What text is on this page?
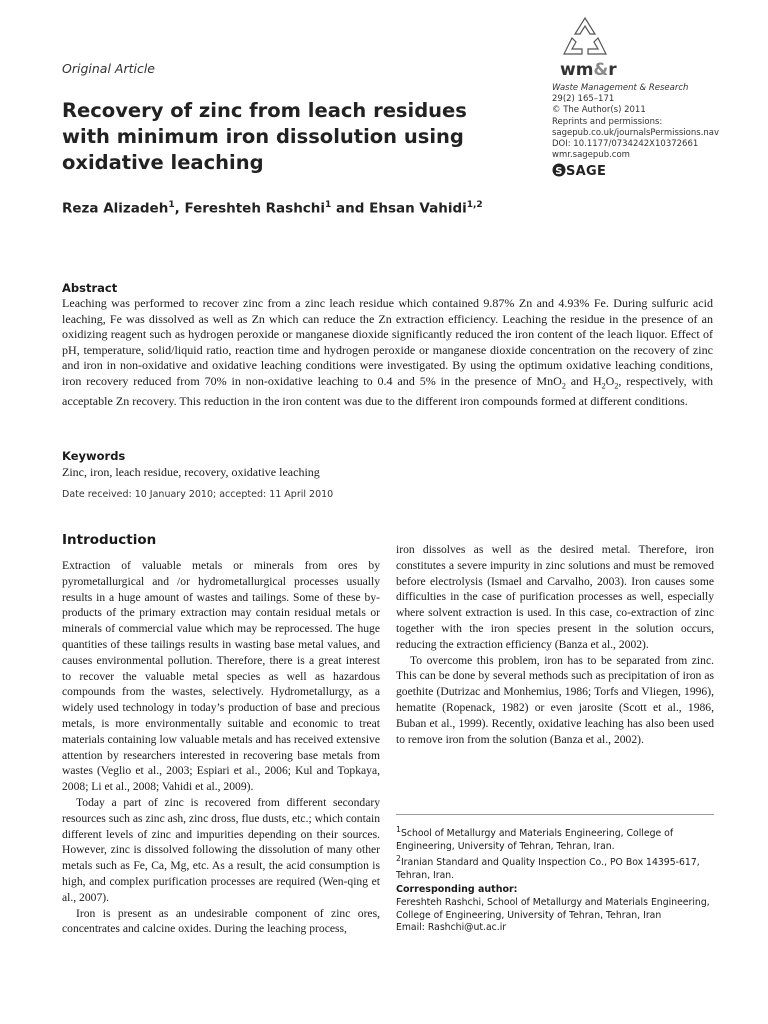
Original Article
Recovery of zinc from leach residues with minimum iron dissolution using oxidative leaching
Reza Alizadeh$^1$, Fereshteh Rashchi$^1$ and Ehsan Vahidi$^{1,2}$
wm&r
Waste Management & Research
29(2) 165–171
© The Author(s) 2011
Reprints and permissions:
sagepub.co.uk/journalsPermissions.nav
DOI: 10.1177/0734242X10372661
wmr.sagepub.com
S SAGE
Abstract
Leaching was performed to recover zinc from a zinc leach residue which contained 9.87% Zn and 4.93% Fe. During sulfuric acid leaching, Fe was dissolved as well as Zn which can reduce the Zn extraction efficiency. Leaching the residue in the presence of an oxidizing reagent such as hydrogen peroxide or manganese dioxide significantly reduced the iron content of the leach liquor. Effect of pH, temperature, solid/liquid ratio, reaction time and hydrogen peroxide or manganese dioxide concentration on the recovery of zinc and iron in non-oxidative and oxidative leaching conditions were investigated. By using the optimum oxidative leaching conditions, iron recovery reduced from 70% in non-oxidative leaching to 0.4 and 5% in the presence of MnO$_2$ and $H_2O_2$, respectively, with acceptable Zn recovery. This reduction in the iron content was due to the different iron compounds formed at different conditions.
Keywords
Zinc, iron, leach residue, recovery, oxidative leaching
Date received: 10 January 2010; accepted: 11 April 2010
Introduction

Extraction of valuable metals or minerals from ores by pyrometallurgical and /or hydrometallurgical processes usually results in a huge amount of wastes and tailings. Some of these by-products of the primary extraction may contain residual metals or minerals of commercial value which may be reprocessed. The huge quantities of these tailings results in wasting base metal values, and causes environmental pollution. Therefore, there is a great interest to recover the valuable metal species as well as hazardous compounds from the wastes, selectively. Hydrometallurgy, as a widely used technology in today’s production of base and precious metals, is more environmentally suitable and economic to treat materials containing low valuable metals and has received extensive attention by researchers interested in recovering base metals from wastes (Veglio et al., 2003; Espiari et al., 2006; Kul and Topkaya, 2008; Li et al., 2008; Vahidi et al., 2009).

Today a part of zinc is recovered from different secondary resources such as zinc ash, zinc dross, flue dusts, etc.; which contain different levels of zinc and impurities depending on their sources. However, zinc is dissolved following the dissolution of many other metals such as Fe, Ca, Mg, etc. As a result, the acid consumption is high, and complex purification processes are required (Wen-qing et al., 2007).

Iron is present as an undesirable component of zinc ores, concentrates and calcine oxides. During the leaching process,

iron dissolves as well as the desired metal. Therefore, iron constitutes a severe impurity in zinc solutions and must be removed before electrolysis (Ismael and Carvalho, 2003). Iron causes some difficulties in the case of purification processes as well, especially where solvent extraction is used. In this case, co-extraction of zinc together with the iron species present in the solution occurs, reducing the extraction efficiency (Banza et al., 2002).

To overcome this problem, iron has to be separated from zinc. This can be done by several methods such as precipitation of iron as goethite (Dutrizac and Monhemius, 1986; Torfs and Vliegen, 1996), hematite (Ropenack, 1982) or even jarosite (Scott et al., 1986, Buban et al., 1999). Recently, oxidative leaching has also been used to remove iron from the solution (Banza et al., 2002).

$^1$School of Metallurgy and Materials Engineering, College of Engineering, University of Tehran, Tehran, Iran.

$^2$Iranian Standard and Quality Inspection Co., PO Box 14395-617, Tehran, Iran.

Corresponding author:
Fereshteh Rashchi, School of Metallurgy and Materials Engineering,
College of Engineering, University of Tehran, Tehran, Iran
Email: Rashchi@ut.ac.ir
